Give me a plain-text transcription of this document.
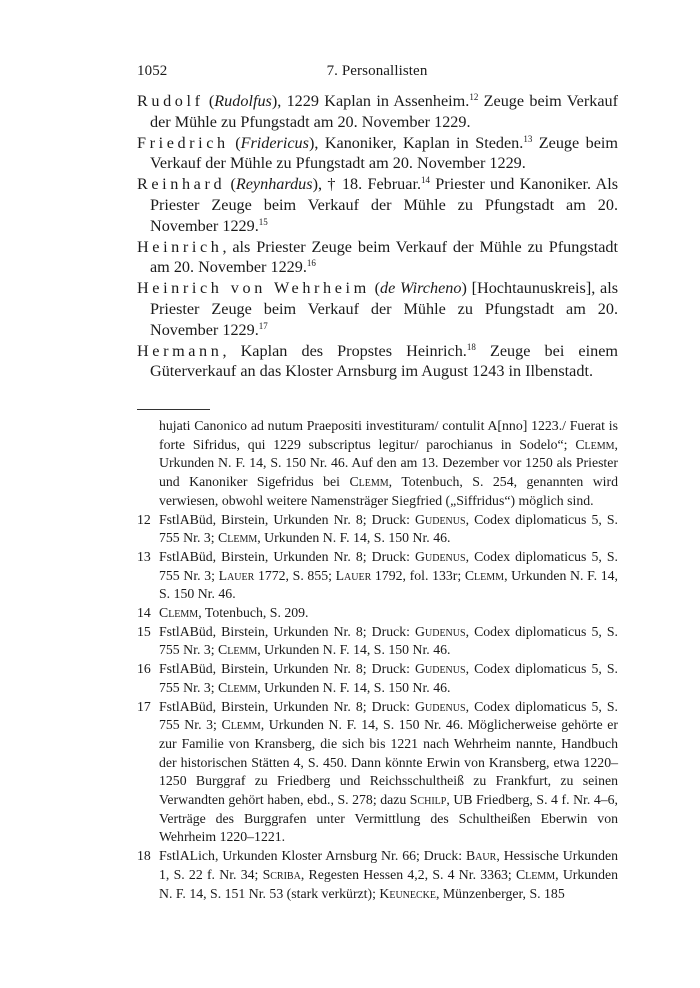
1052	7. Personallisten

Rudolf (Rudolfus), 1229 Kaplan in Assenheim.$^{12}$ Zeuge beim Verkauf der Mühle zu Pfungstadt am 20. November 1229.

Friedrich (Fridericus), Kanoniker, Kaplan in Steden.$^{13}$ Zeuge beim Verkauf der Mühle zu Pfungstadt am 20. November 1229.

Reinhard (Reynhardus), † 18. Februar.$^{14}$ Priester und Kanoniker. Als Priester Zeuge beim Verkauf der Mühle zu Pfungstadt am 20. November 1229.15

Heinrich, als Priester Zeuge beim Verkauf der Mühle zu Pfungstadt am 20. November 1229.16

Heinrich von Wehrheim (de Wircheno) [Hochtaunuskreis], als Priester Zeuge beim Verkauf der Mühle zu Pfungstadt am 20. November 1229.17

Hermann, Kaplan des Propstes Heinrich.$^{18}$ Zeuge bei einem Güterverkauf an das Kloster Arnsburg im August 1243 in Ilbenstadt.

hujati Canonico ad nutum Praepositi investituram/ contulit A[nno] 1223./ Fuerat is forte Sifridus, qui 1229 subscriptus legitur/ parochianus in Sodelo“; Clemm, Urkunden N. F. 14, S. 150 Nr. 46. Auf den am 13. Dezember vor 1250 als Priester und Kanoniker Sigefridus bei Clemm, Totenbuch, S. 254, genannten wird verwiesen, obwohl weitere Namensträger Siegfried („Siffridus“) möglich sind.

12 FstlABüd, Birstein, Urkunden Nr. 8; Druck: Gudenus, Codex diplomaticus 5, S. 755 Nr. 3; Clemm, Urkunden N. F. 14, S. 150 Nr. 46.

13 FstlABüd, Birstein, Urkunden Nr. 8; Druck: Gudenus, Codex diplomaticus 5, S. 755 Nr. 3; Lauer 1772, S. 855; Lauer 1792, fol. 133r; Clemm, Urkunden N. F. 14, S. 150 Nr. 46.

14 Clemm, Totenbuch, S. 209.

15 FstlABüd, Birstein, Urkunden Nr. 8; Druck: Gudenus, Codex diplomaticus 5, S. 755 Nr. 3; Clemm, Urkunden N. F. 14, S. 150 Nr. 46.

16 FstlABüd, Birstein, Urkunden Nr. 8; Druck: Gudenus, Codex diplomaticus 5, S. 755 Nr. 3; Clemm, Urkunden N. F. 14, S. 150 Nr. 46.

17 FstlABüd, Birstein, Urkunden Nr. 8; Druck: Gudenus, Codex diplomaticus 5, S. 755 Nr. 3; Clemm, Urkunden N. F. 14, S. 150 Nr. 46. Möglicherweise gehörte er zur Familie von Kransberg, die sich bis 1221 nach Wehrheim nannte, Handbuch der historischen Stätten 4, S. 450. Dann könnte Erwin von Kransberg, etwa 1220–1250 Burggraf zu Friedberg und Reichsschultheiß zu Frankfurt, zu seinen Verwandten gehört haben, ebd., S. 278; dazu Schilp, UB Friedberg, S. 4 f. Nr. 4–6, Verträge des Burggrafen unter Vermittlung des Schultheißen Eberwin von Wehrheim 1220–1221.

18 FstlALich, Urkunden Kloster Arnsburg Nr. 66; Druck: Baur, Hessische Urkunden 1, S. 22 f. Nr. 34; Scriba, Regesten Hessen 4,2, S. 4 Nr. 3363; Clemm, Urkunden N. F. 14, S. 151 Nr. 53 (stark verkürzt); Keunecke, Münzenberger, S. 185
